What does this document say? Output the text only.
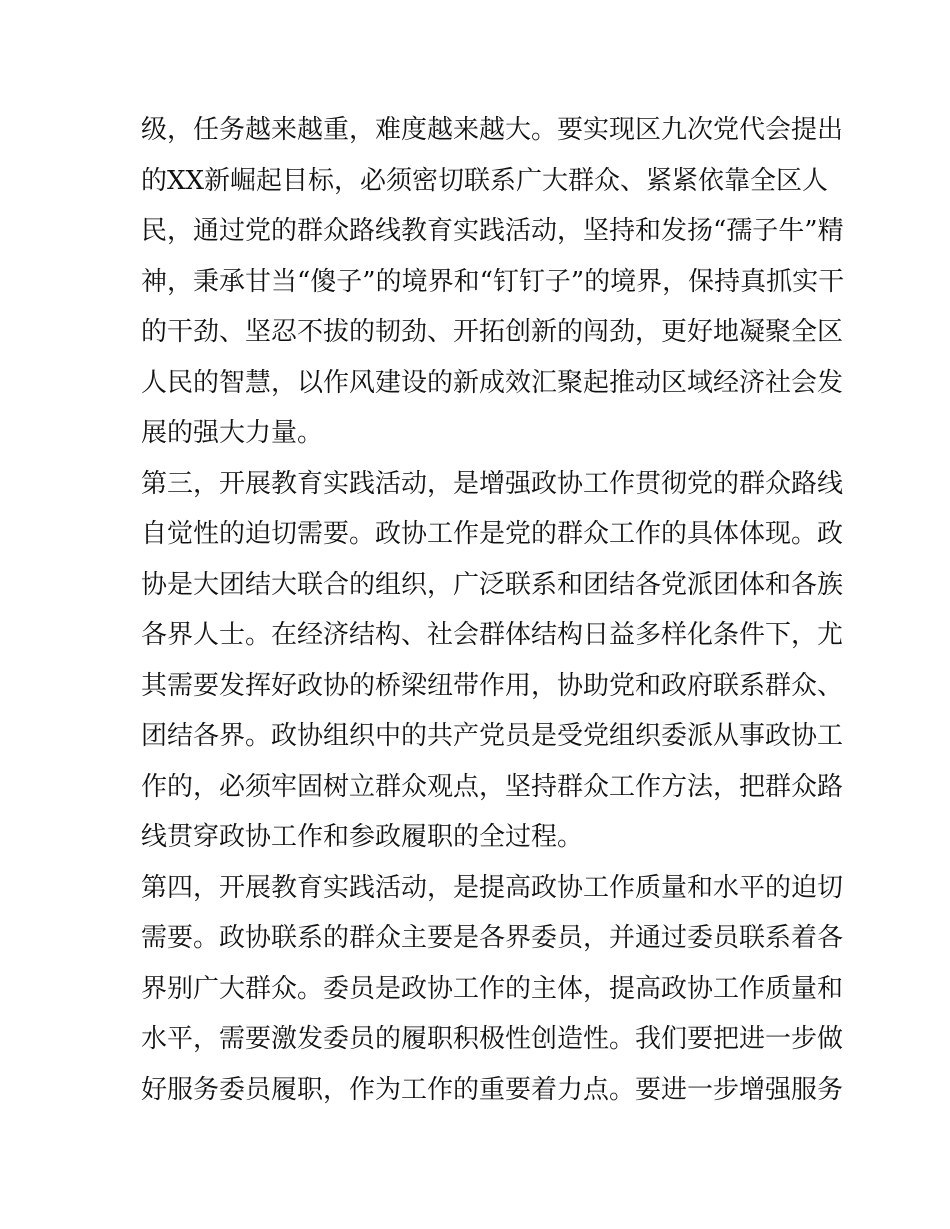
级，任务越来越重，难度越来越大。要实现区九次党代会提出
的XX新崛起目标，必须密切联系广大群众、紧紧依靠全区人
民，通过党的群众路线教育实践活动，坚持和发扬“孺子牛”精
神，秉承甘当“傻子”的境界和“钉钉子”的境界，保持真抓实干
的干劲、坚忍不拔的韧劲、开拓创新的闯劲，更好地凝聚全区
人民的智慧，以作风建设的新成效汇聚起推动区域经济社会发
展的强大力量。
第三，开展教育实践活动，是增强政协工作贯彻党的群众路线
自觉性的迫切需要。政协工作是党的群众工作的具体体现。政
协是大团结大联合的组织，广泛联系和团结各党派团体和各族
各界人士。在经济结构、社会群体结构日益多样化条件下，尤
其需要发挥好政协的桥梁纽带作用，协助党和政府联系群众、
团结各界。政协组织中的共产党员是受党组织委派从事政协工
作的，必须牢固树立群众观点，坚持群众工作方法，把群众路
线贯穿政协工作和参政履职的全过程。
第四，开展教育实践活动，是提高政协工作质量和水平的迫切
需要。政协联系的群众主要是各界委员，并通过委员联系着各
界别广大群众。委员是政协工作的主体，提高政协工作质量和
水平，需要激发委员的履职积极性创造性。我们要把进一步做
好服务委员履职，作为工作的重要着力点。要进一步增强服务
